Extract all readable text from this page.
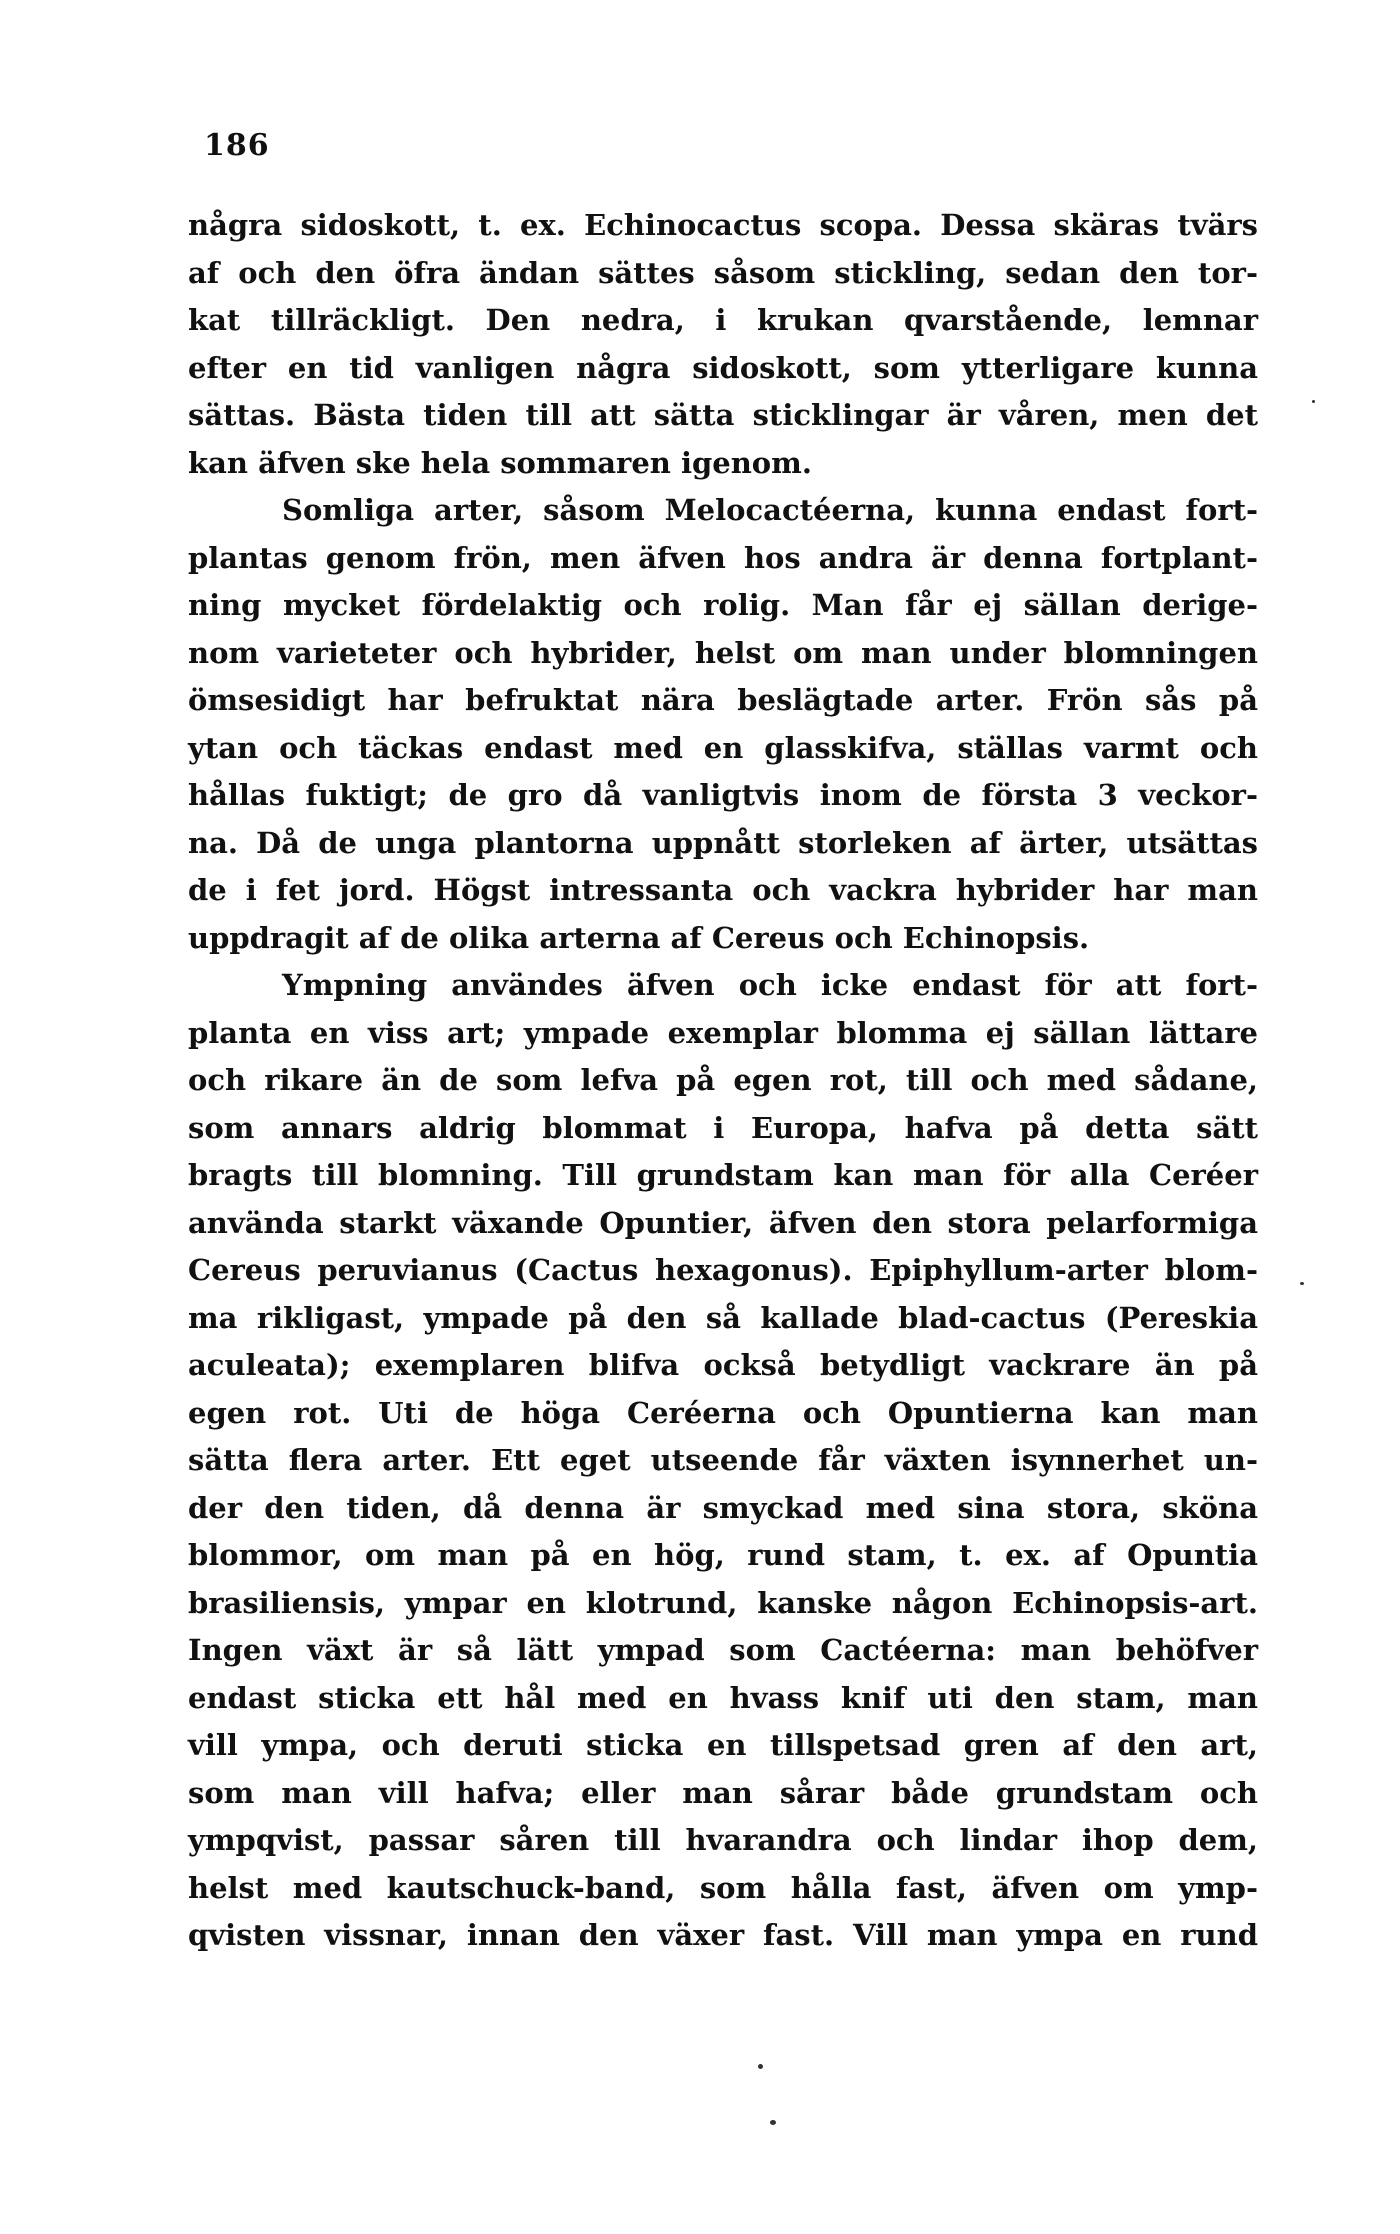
186

några sidoskott, t. ex. Echinocactus scopa. Dessa skäras tvärs
af och den öfra ändan sättes såsom stickling, sedan den tor-
kat tillräckligt. Den nedra, i krukan qvarstående, lemnar
efter en tid vanligen några sidoskott, som ytterligare kunna
sättas. Bästa tiden till att sätta sticklingar är våren, men det
kan äfven ske hela sommaren igenom.
Somliga arter, såsom Melocactéerna, kunna endast fort-
plantas genom frön, men äfven hos andra är denna fortplant-
ning mycket fördelaktig och rolig. Man får ej sällan derige-
nom varieteter och hybrider, helst om man under blomningen
ömsesidigt har befruktat nära beslägtade arter. Frön sås på
ytan och täckas endast med en glasskifva, ställas varmt och
hållas fuktigt; de gro då vanligtvis inom de första 3 veckor-
na. Då de unga plantorna uppnått storleken af ärter, utsättas
de i fet jord. Högst intressanta och vackra hybrider har man
uppdragit af de olika arterna af Cereus och Echinopsis.
Ympning användes äfven och icke endast för att fort-
planta en viss art; ympade exemplar blomma ej sällan lättare
och rikare än de som lefva på egen rot, till och med sådane,
som annars aldrig blommat i Europa, hafva på detta sätt
bragts till blomning. Till grundstam kan man för alla Ceréer
använda starkt växande Opuntier, äfven den stora pelarformiga
Cereus peruvianus (Cactus hexagonus). Epiphyllum-arter blom-
ma rikligast, ympade på den så kallade blad-cactus (Pereskia
aculeata); exemplaren blifva också betydligt vackrare än på
egen rot. Uti de höga Ceréerna och Opuntierna kan man
sätta flera arter. Ett eget utseende får växten isynnerhet un-
der den tiden, då denna är smyckad med sina stora, sköna
blommor, om man på en hög, rund stam, t. ex. af Opuntia
brasiliensis, ympar en klotrund, kanske någon Echinopsis-art.
Ingen växt är så lätt ympad som Cactéerna: man behöfver
endast sticka ett hål med en hvass knif uti den stam, man
vill ympa, och deruti sticka en tillspetsad gren af den art,
som man vill hafva; eller man sårar både grundstam och
ympqvist, passar såren till hvarandra och lindar ihop dem,
helst med kautschuck-band, som hålla fast, äfven om ymp-
qvisten vissnar, innan den växer fast. Vill man ympa en rund
